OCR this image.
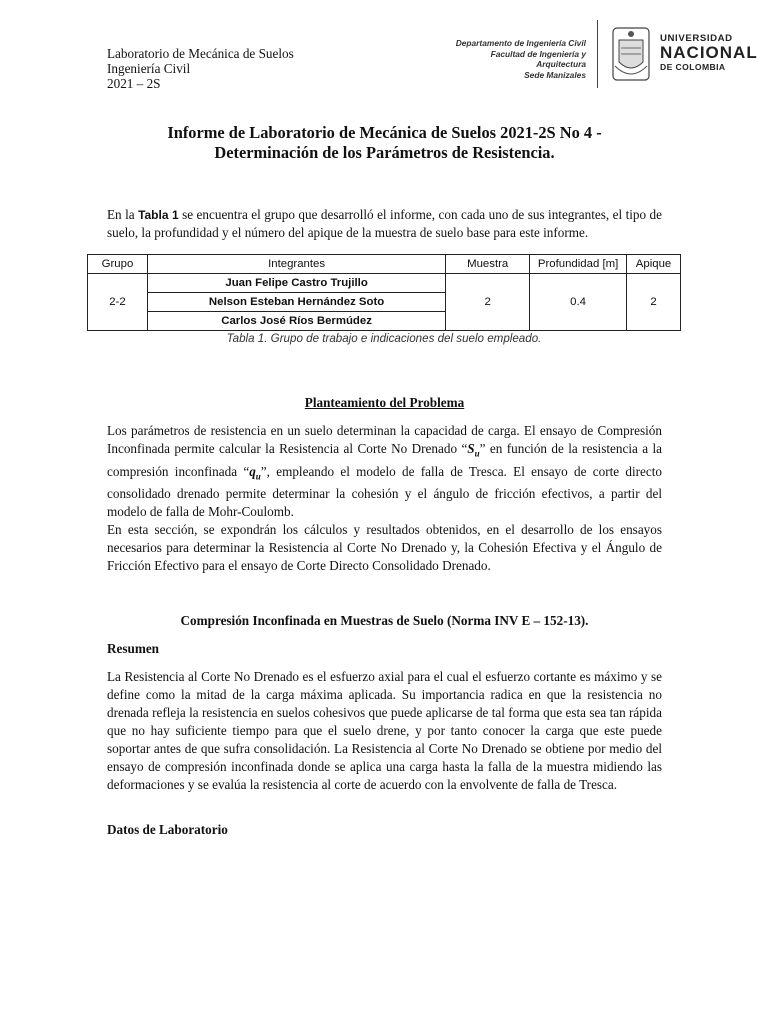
Laboratorio de Mecánica de Suelos
Ingeniería Civil
2021 – 2S
Departamento de Ingeniería Civil
Facultad de Ingeniería y Arquitectura
Sede Manizales
UNIVERSIDAD
NACIONAL
DE COLOMBIA
Informe de Laboratorio de Mecánica de Suelos 2021-2S No 4 -
Determinación de los Parámetros de Resistencia.
En la Tabla 1 se encuentra el grupo que desarrolló el informe, con cada uno de sus integrantes, el tipo de suelo, la profundidad y el número del apique de la muestra de suelo base para este informe.
Grupo	Integrantes	Muestra	Profundidad [m]	Apique
2-2	Juan Felipe Castro Trujillo	2	0.4	2
	Nelson Esteban Hernández Soto			
	Carlos José Ríos Bermúdez			
Tabla 1. Grupo de trabajo e indicaciones del suelo empleado.
Planteamiento del Problema
Los parámetros de resistencia en un suelo determinan la capacidad de carga. El ensayo de Compresión Inconfinada permite calcular la Resistencia al Corte No Drenado “$S_u$” en función de la resistencia a la compresión inconfinada “$q_u$”, empleando el modelo de falla de Tresca. El ensayo de corte directo consolidado drenado permite determinar la cohesión y el ángulo de fricción efectivos, a partir del modelo de falla de Mohr-Coulomb.
En esta sección, se expondrán los cálculos y resultados obtenidos, en el desarrollo de los ensayos necesarios para determinar la Resistencia al Corte No Drenado y, la Cohesión Efectiva y el Ángulo de Fricción Efectivo para el ensayo de Corte Directo Consolidado Drenado.
Compresión Inconfinada en Muestras de Suelo (Norma INV E – 152-13).
Resumen
La Resistencia al Corte No Drenado es el esfuerzo axial para el cual el esfuerzo cortante es máximo y se define como la mitad de la carga máxima aplicada. Su importancia radica en que la resistencia no drenada refleja la resistencia en suelos cohesivos que puede aplicarse de tal forma que esta sea tan rápida que no hay suficiente tiempo para que el suelo drene, y por tanto conocer la carga que este puede soportar antes de que sufra consolidación. La Resistencia al Corte No Drenado se obtiene por medio del ensayo de compresión inconfinada donde se aplica una carga hasta la falla de la muestra midiendo las deformaciones y se evalúa la resistencia al corte de acuerdo con la envolvente de falla de Tresca.
Datos de Laboratorio
